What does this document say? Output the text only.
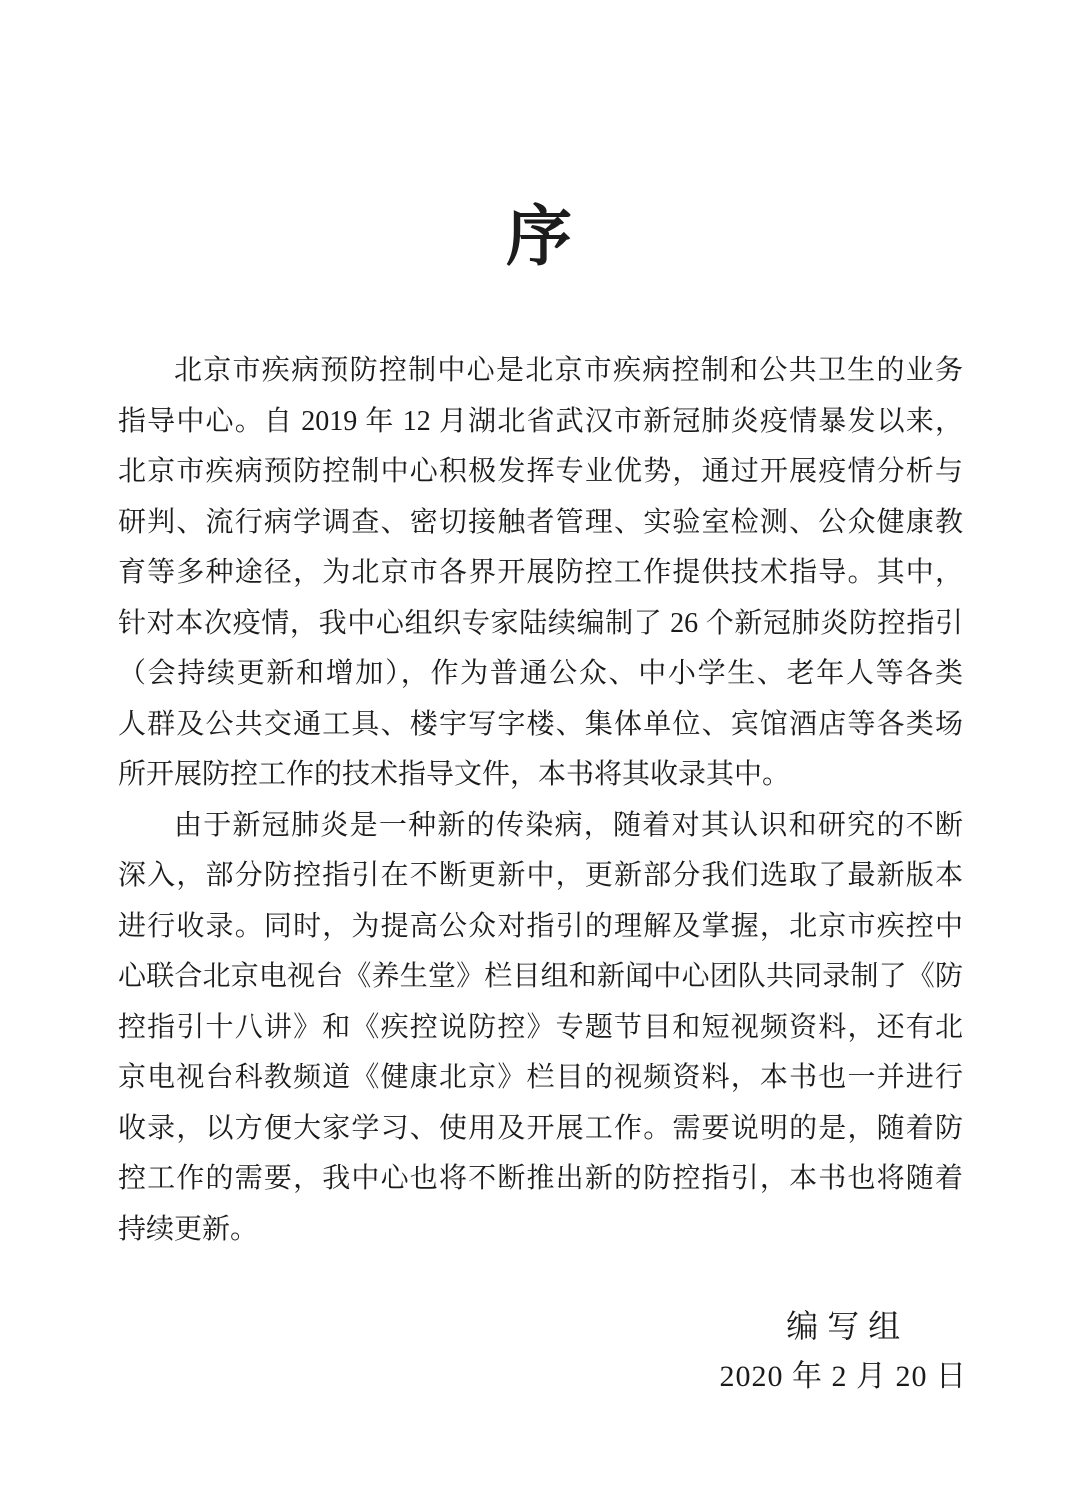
序
北京市疾病预防控制中心是北京市疾病控制和公共卫生的业务
指导中心。自 2019 年 12 月湖北省武汉市新冠肺炎疫情暴发以来，
北京市疾病预防控制中心积极发挥专业优势，通过开展疫情分析与
研判、流行病学调查、密切接触者管理、实验室检测、公众健康教
育等多种途径，为北京市各界开展防控工作提供技术指导。其中，
针对本次疫情，我中心组织专家陆续编制了 26 个新冠肺炎防控指引
（会持续更新和增加），作为普通公众、中小学生、老年人等各类
人群及公共交通工具、楼宇写字楼、集体单位、宾馆酒店等各类场
所开展防控工作的技术指导文件，本书将其收录其中。
由于新冠肺炎是一种新的传染病，随着对其认识和研究的不断
深入，部分防控指引在不断更新中，更新部分我们选取了最新版本
进行收录。同时，为提高公众对指引的理解及掌握，北京市疾控中
心联合北京电视台《养生堂》栏目组和新闻中心团队共同录制了《防
控指引十八讲》和《疾控说防控》专题节目和短视频资料，还有北
京电视台科教频道《健康北京》栏目的视频资料，本书也一并进行
收录，以方便大家学习、使用及开展工作。需要说明的是，随着防
控工作的需要，我中心也将不断推出新的防控指引，本书也将随着
持续更新。
编写组
2020 年 2 月 20 日
